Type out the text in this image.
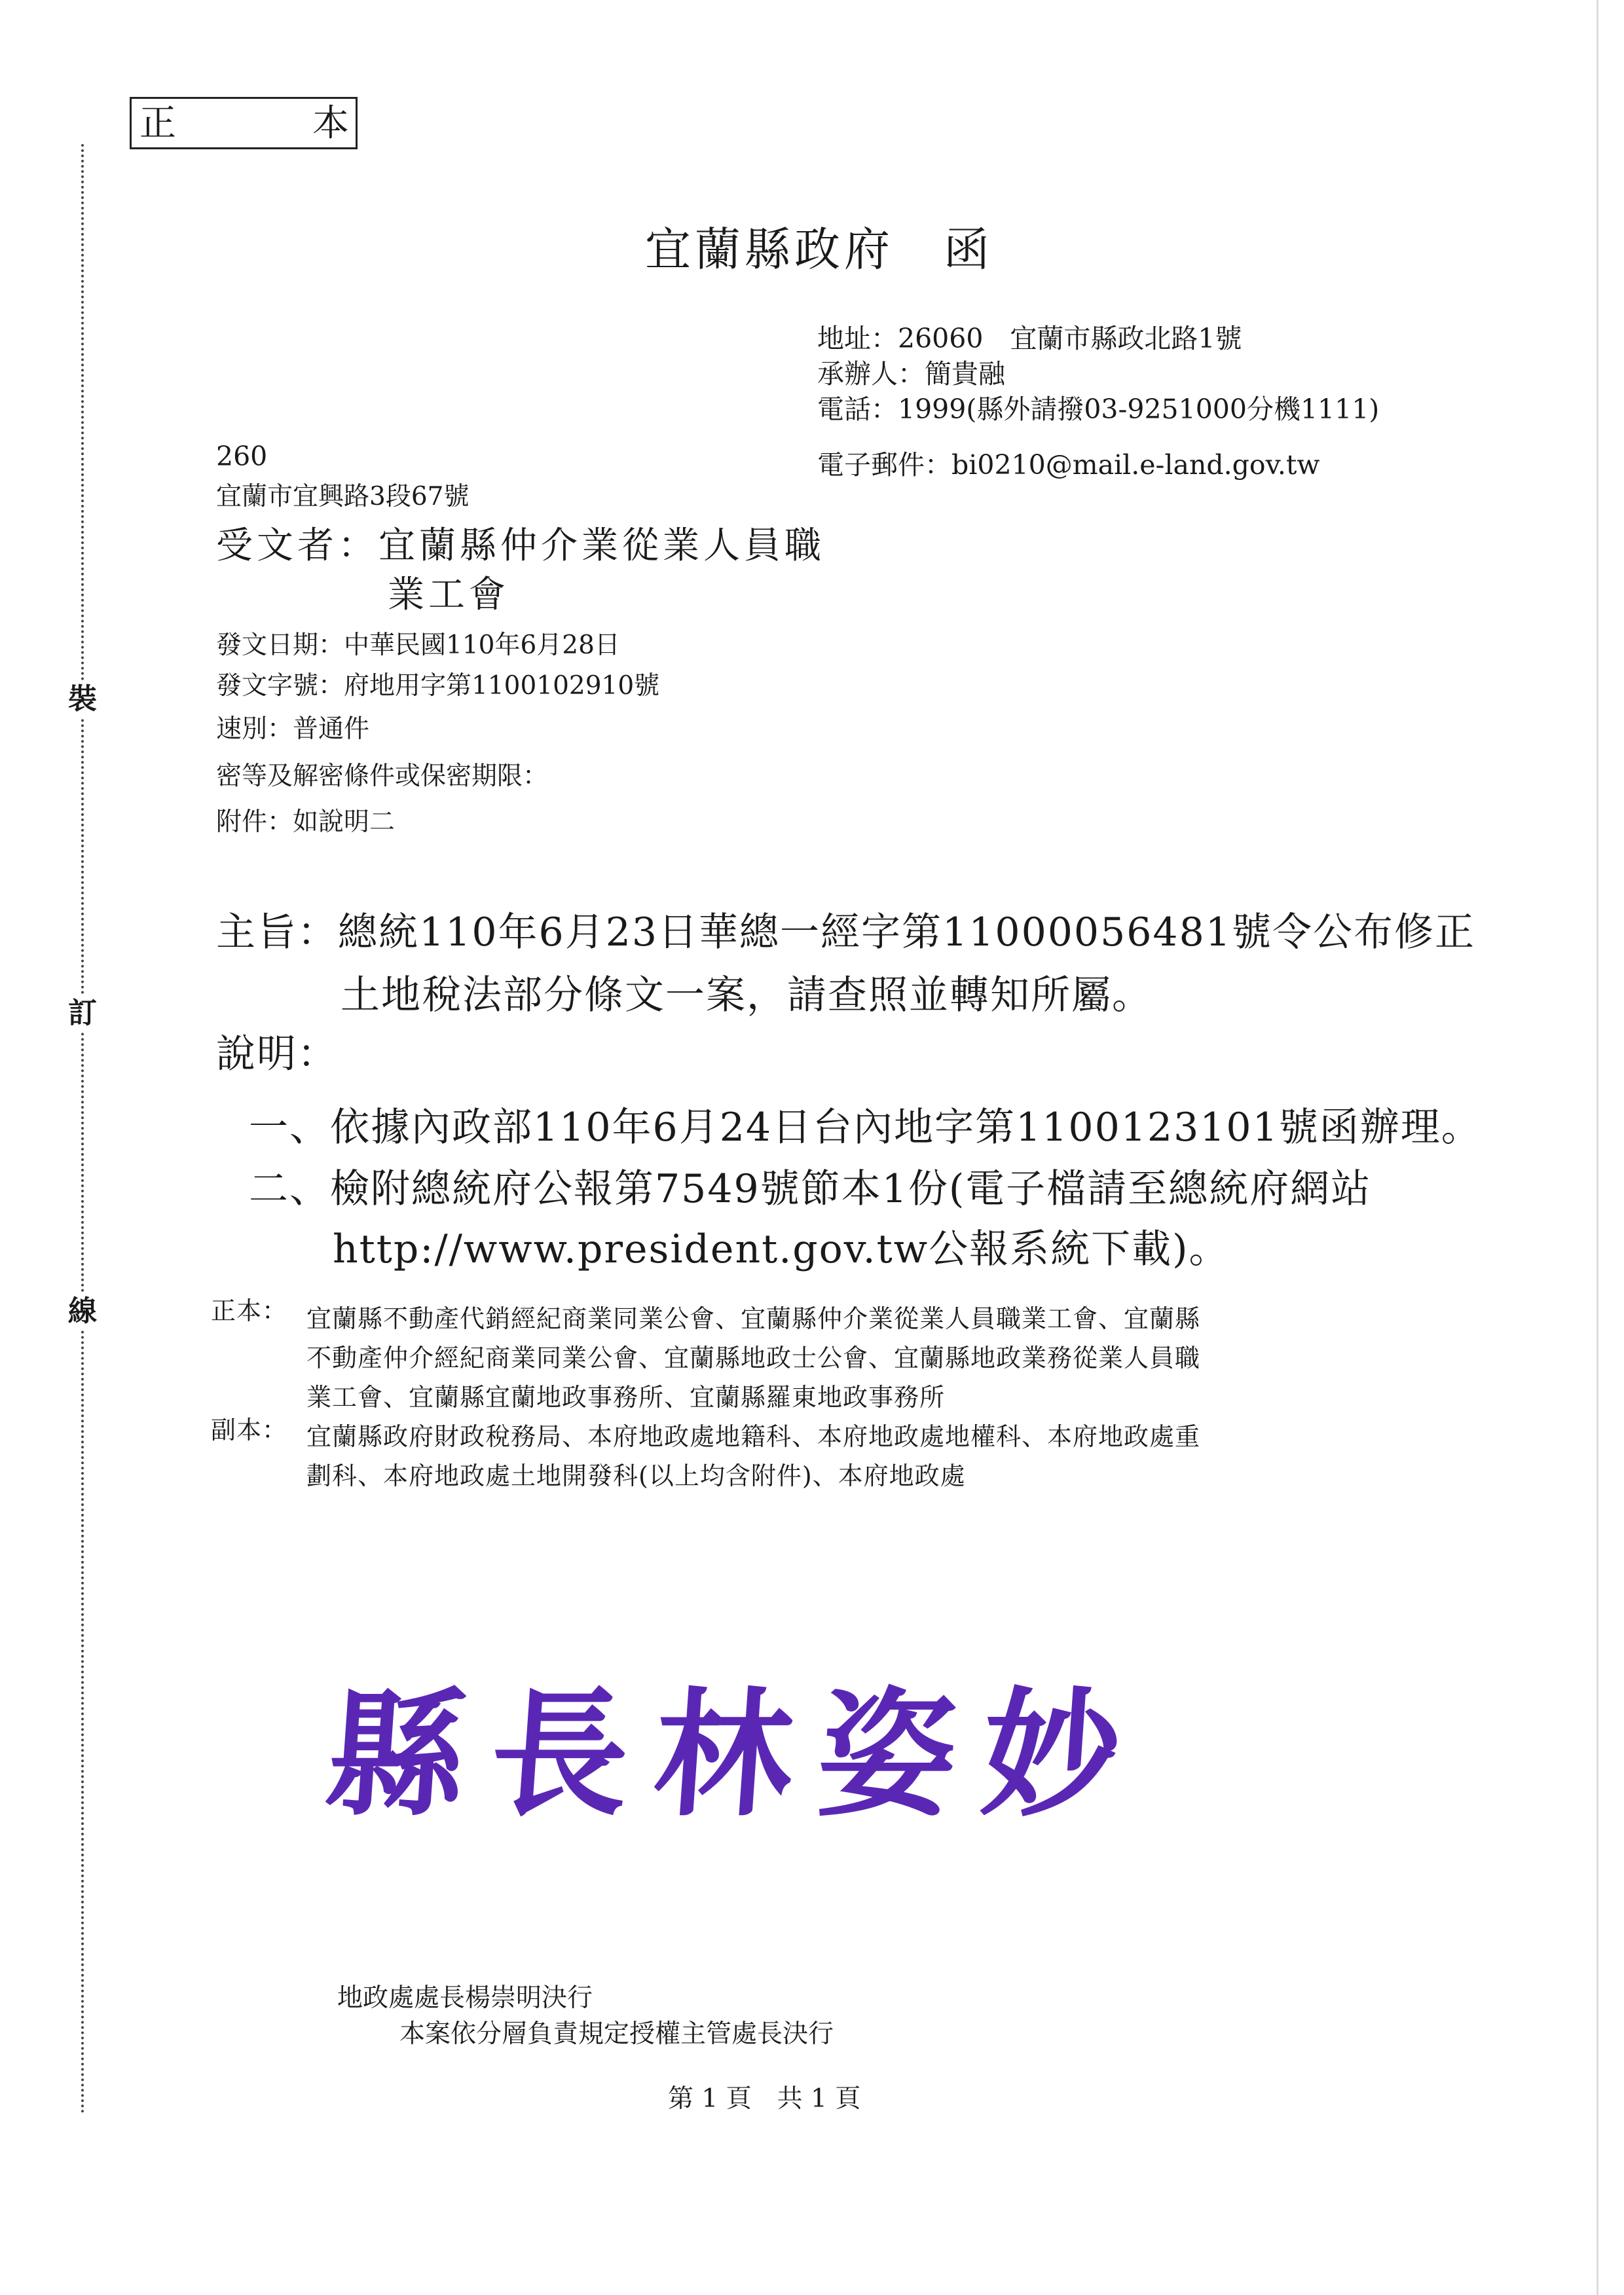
正	本
裝
訂
線
宜蘭縣政府　函
地址：26060　宜蘭市縣政北路1號
承辦人：簡貴融
電話：1999(縣外請撥03-9251000分機1111)
電子郵件：bi0210@mail.e-land.gov.tw
260
宜蘭市宜興路3段67號
受文者：宜蘭縣仲介業從業人員職
業工會
發文日期：中華民國110年6月28日
發文字號：府地用字第1100102910號
速別：普通件
密等及解密條件或保密期限：
附件：如說明二
主旨：總統110年6月23日華總一經字第11000056481號令公布修正
土地稅法部分條文一案，請查照並轉知所屬。
說明：
一、依據內政部110年6月24日台內地字第1100123101號函辦理。
二、檢附總統府公報第7549號節本1份(電子檔請至總統府網站
http://www.president.gov.tw公報系統下載)。
正本： 宜蘭縣不動產代銷經紀商業同業公會、宜蘭縣仲介業從業人員職業工會、宜蘭縣
不動產仲介經紀商業同業公會、宜蘭縣地政士公會、宜蘭縣地政業務從業人員職
業工會、宜蘭縣宜蘭地政事務所、宜蘭縣羅東地政事務所
副本： 宜蘭縣政府財政稅務局、本府地政處地籍科、本府地政處地權科、本府地政處重
劃科、本府地政處土地開發科(以上均含附件)、本府地政處
縣長林姿妙
地政處處長楊崇明決行
本案依分層負責規定授權主管處長決行
第 1 頁　共 1 頁
